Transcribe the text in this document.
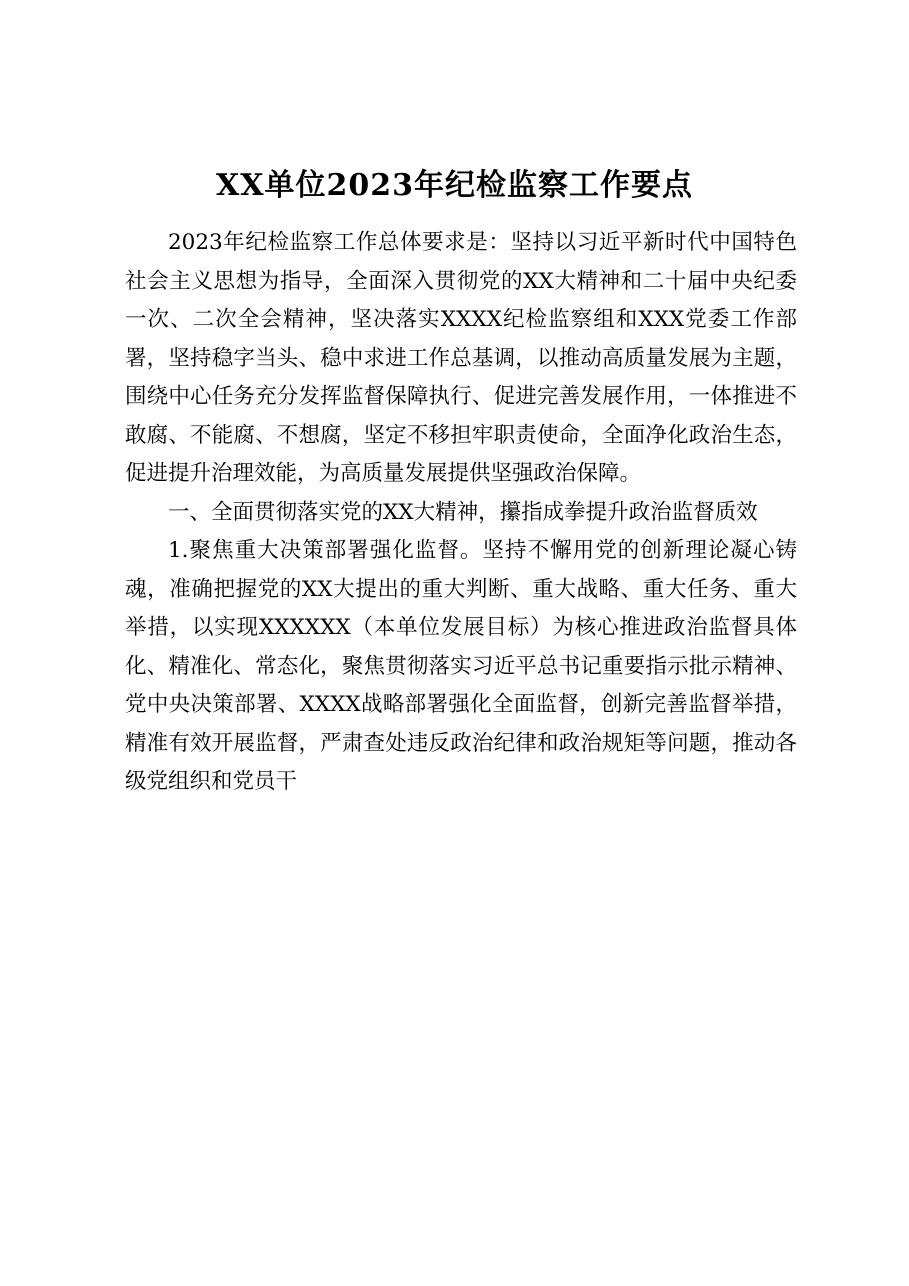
XX单位2023年纪检监察工作要点

2023年纪检监察工作总体要求是：坚持以习近平新时代中国特色社会主义思想为指导，全面深入贯彻党的XX大精神和二十届中央纪委一次、二次全会精神，坚决落实XXXX纪检监察组和XXX党委工作部署，坚持稳字当头、稳中求进工作总基调，以推动高质量发展为主题，围绕中心任务充分发挥监督保障执行、促进完善发展作用，一体推进不敢腐、不能腐、不想腐，坚定不移担牢职责使命，全面净化政治生态，促进提升治理效能，为高质量发展提供坚强政治保障。

一、全面贯彻落实党的XX大精神，攥指成拳提升政治监督质效

1.聚焦重大决策部署强化监督。坚持不懈用党的创新理论凝心铸魂，准确把握党的XX大提出的重大判断、重大战略、重大任务、重大举措，以实现XXXXXX（本单位发展目标）为核心推进政治监督具体化、精准化、常态化，聚焦贯彻落实习近平总书记重要指示批示精神、党中央决策部署、XXXX战略部署强化全面监督，创新完善监督举措，精准有效开展监督，严肃查处违反政治纪律和政治规矩等问题，推动各级党组织和党员干
